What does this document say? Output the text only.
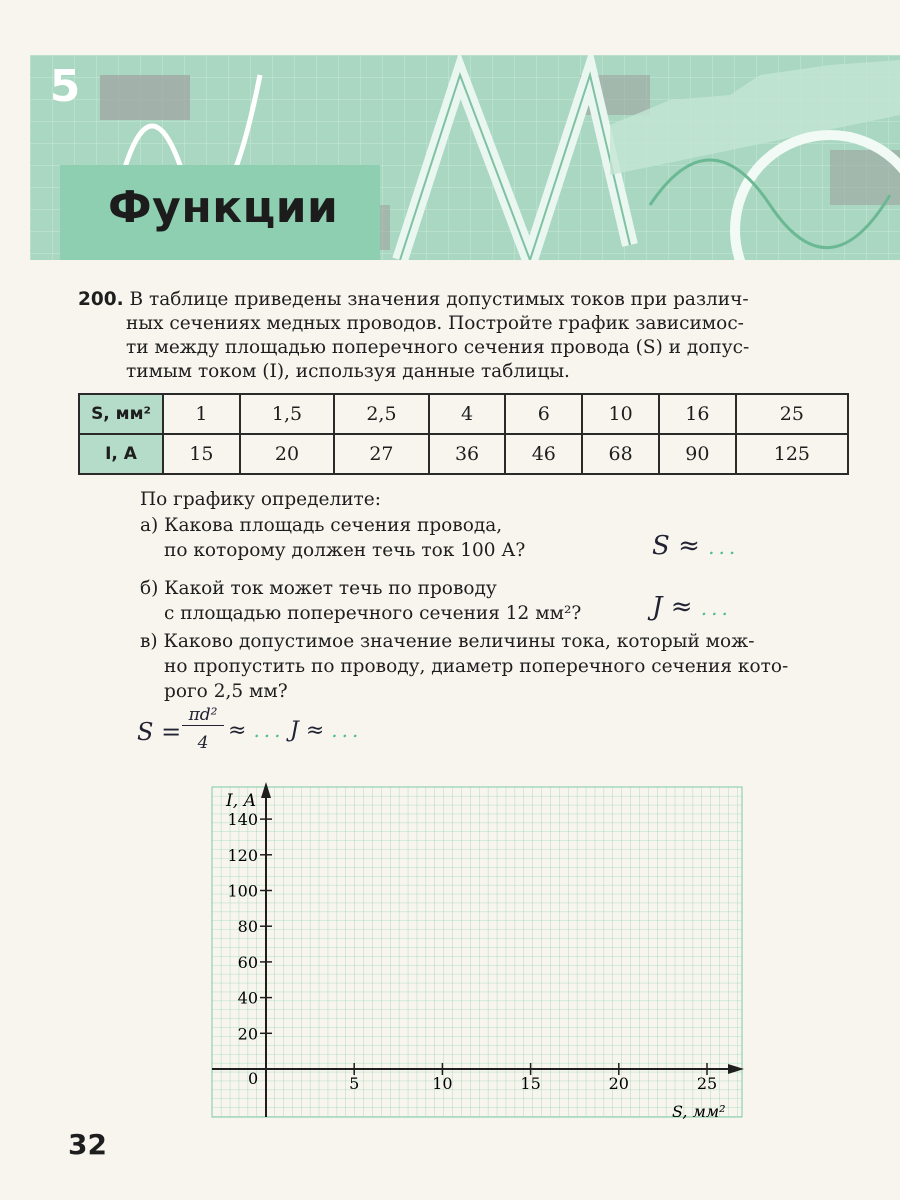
5
Функции
200. В таблице приведены значения допустимых токов при различ-
ных сечениях медных проводов. Постройте график зависимос-
ти между площадью поперечного сечения провода (S) и допус-
тимым током (I), используя данные таблицы.
S, мм²	1	1,5	2,5	4	6	10	16	25
I, А	15	20	27	36	46	68	90	125
По графику определите:
а) Какова площадь сечения провода,
по которому должен течь ток 100 А?	S ≈ ...
б) Какой ток может течь по проводу
с площадью поперечного сечения 12 мм²?	J ≈ ...
в) Каково допустимое значение величины тока, который мож-
но пропустить по проводу, диаметр поперечного сечения кото-
рого 2,5 мм?
S =
πd²
4 ≈ ... J ≈ ...
20
40
60
80
100
120
140
5	10	15	20	25
I, А
S, мм²
0
32
